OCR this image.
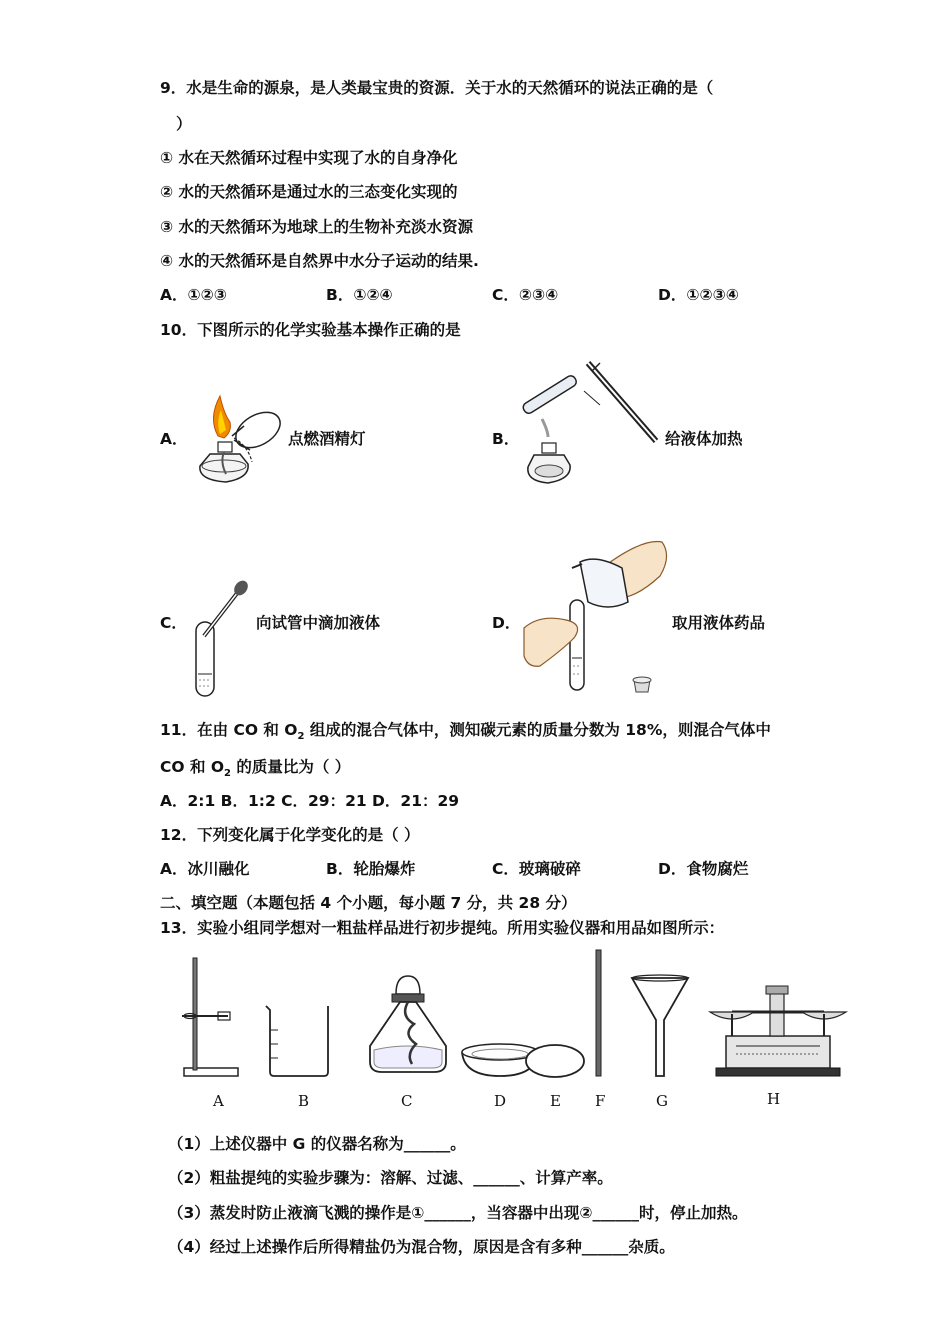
9．水是生命的源泉，是人类最宝贵的资源．关于水的天然循环的说法正确的是（
）
① 水在天然循环过程中实现了水的自身净化
② 水的天然循环是通过水的三态变化实现的
③ 水的天然循环为地球上的生物补充淡水资源
④ 水的天然循环是自然界中水分子运动的结果.
A．①②③	B．①②④	C．②③④	D．①②③④
10．下图所示的化学实验基本操作正确的是
A．	点燃酒精灯	B．	给液体加热
C．	向试管中滴加液体	D．	取用液体药品
11．在由 CO 和 $O_2$ 组成的混合气体中，测知碳元素的质量分数为 18%，则混合气体中
CO 和 $O_2$ 的质量比为（ ）
A．2:1 B．1:2 C．29：21 D．21：29
12．下列变化属于化学变化的是（ ）
A．冰川融化	B．轮胎爆炸	C．玻璃破碎	D．食物腐烂
二、填空题（本题包括 4 个小题，每小题 7 分，共 28 分）
13．实验小组同学想对一粗盐样品进行初步提纯。所用实验仪器和用品如图所示：
A	B	C	D	E F	G	H
（1）上述仪器中 G 的仪器名称为______。
（2）粗盐提纯的实验步骤为：溶解、过滤、______、计算产率。
（3）蒸发时防止液滴飞溅的操作是①______，当容器中出现②______时，停止加热。
（4）经过上述操作后所得精盐仍为混合物，原因是含有多种______杂质。
